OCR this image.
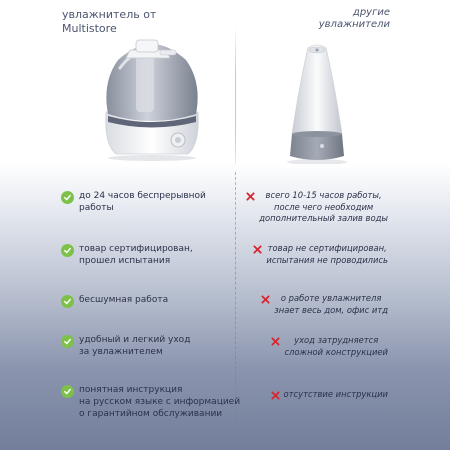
увлажнитель от
Multistore
другие
увлажнители
до 24 часов беспрерывной
работы
товар сертифицирован,
прошел испытания
бесшумная работа
удобный и легкий уход
за увлажнителем
понятная инструкция
на русском языке с информацией
о гарантийном обслуживании
всего 10-15 часов работы,
после чего необходим
дополнительный залив воды
товар не сертифицирован,
испытания не проводились
о работе увлажнителя
знает весь дом, офис итд
уход затрудняется
сложной конструкцией
отсутствие инструкции
